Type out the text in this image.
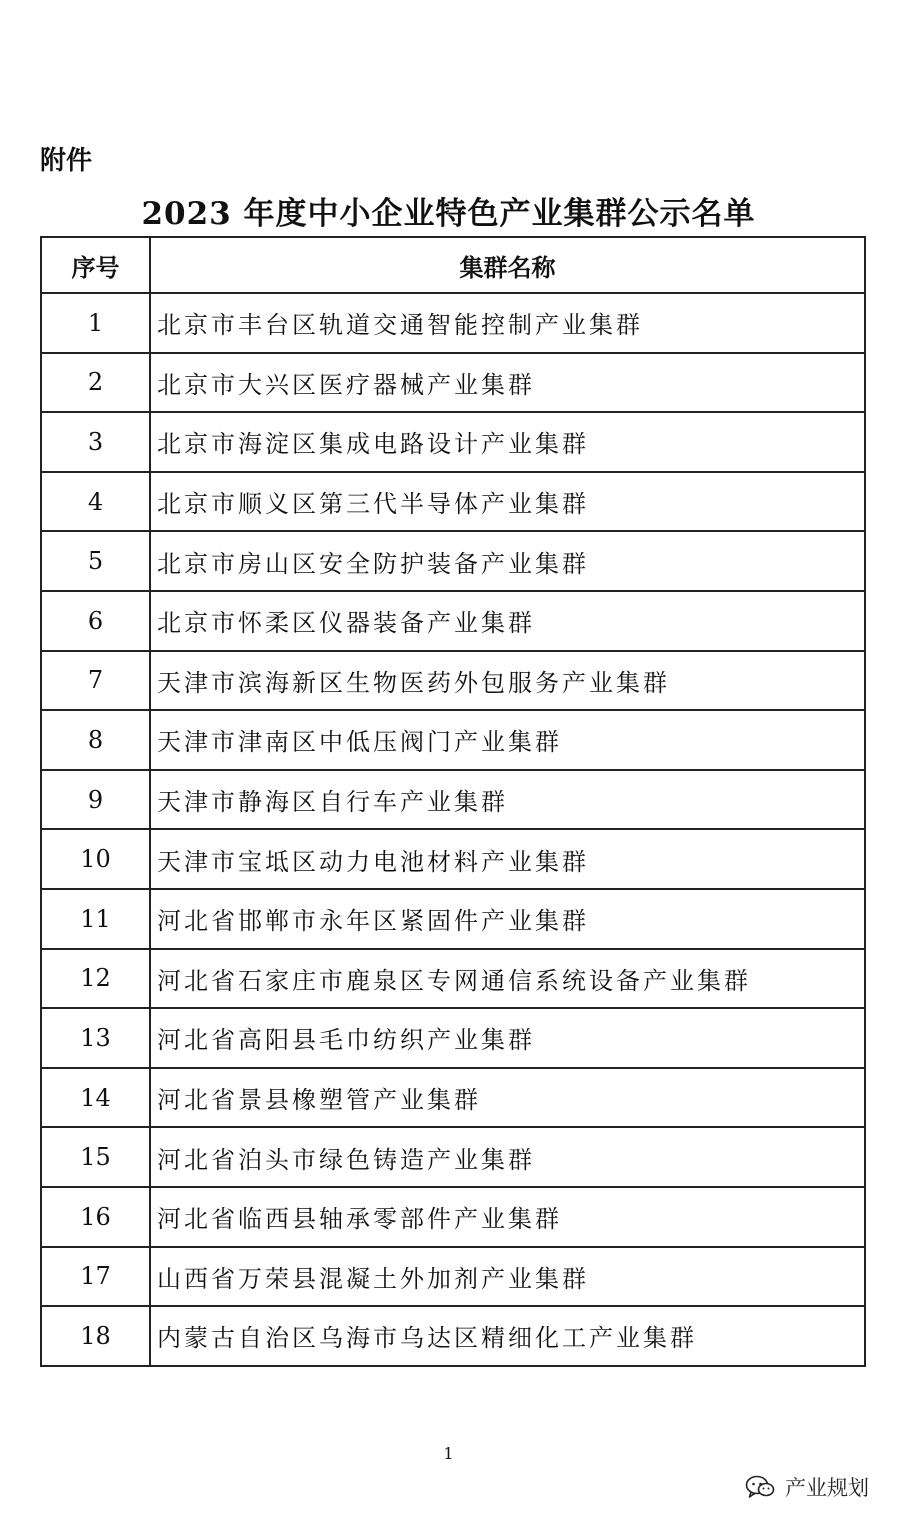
附件
2023 年度中小企业特色产业集群公示名单
序号	集群名称
1	北京市丰台区轨道交通智能控制产业集群
2	北京市大兴区医疗器械产业集群
3	北京市海淀区集成电路设计产业集群
4	北京市顺义区第三代半导体产业集群
5	北京市房山区安全防护装备产业集群
6	北京市怀柔区仪器装备产业集群
7	天津市滨海新区生物医药外包服务产业集群
8	天津市津南区中低压阀门产业集群
9	天津市静海区自行车产业集群
10	天津市宝坻区动力电池材料产业集群
11	河北省邯郸市永年区紧固件产业集群
12	河北省石家庄市鹿泉区专网通信系统设备产业集群
13	河北省高阳县毛巾纺织产业集群
14	河北省景县橡塑管产业集群
15	河北省泊头市绿色铸造产业集群
16	河北省临西县轴承零部件产业集群
17	山西省万荣县混凝土外加剂产业集群
18	内蒙古自治区乌海市乌达区精细化工产业集群
1
产业规划
